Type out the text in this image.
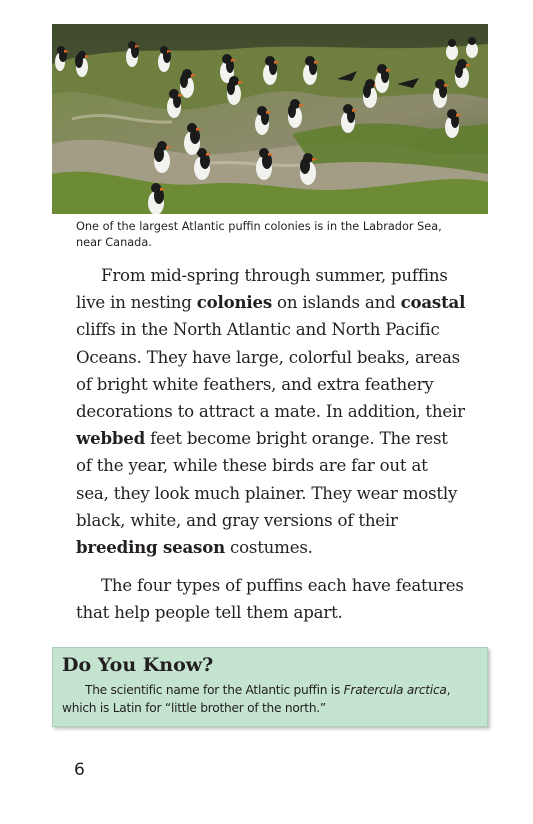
One of the largest Atlantic puffin colonies is in the Labrador Sea,
near Canada.

From mid-spring through summer, puffins
live in nesting colonies on islands and coastal
cliffs in the North Atlantic and North Pacific
Oceans. They have large, colorful beaks, areas
of bright white feathers, and extra feathery
decorations to attract a mate. In addition, their
webbed feet become bright orange. The rest
of the year, while these birds are far out at
sea, they look much plainer. They wear mostly
black, white, and gray versions of their
breeding season costumes.
The four types of puffins each have features
that help people tell them apart.
Do You Know?

The scientific name for the Atlantic puffin is Fratercula arctica,
which is Latin for “little brother of the north.”

6
